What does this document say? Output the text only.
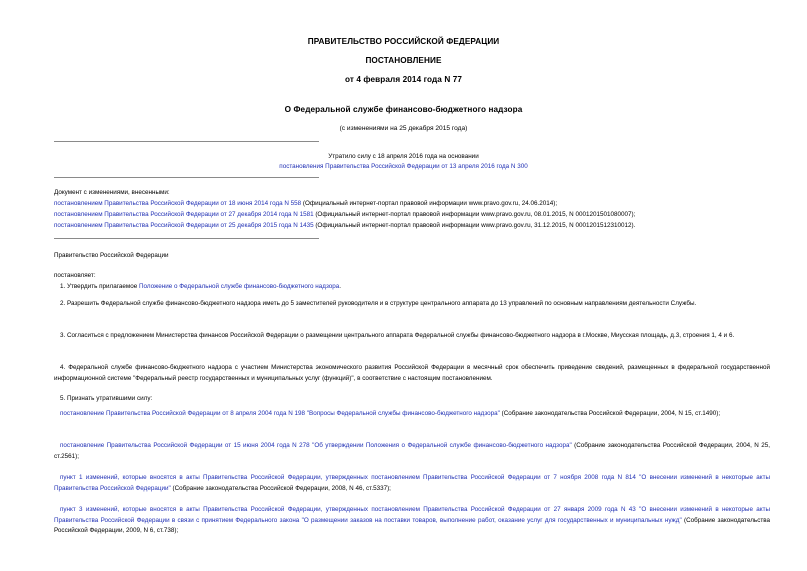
ПРАВИТЕЛЬСТВО РОССИЙСКОЙ ФЕДЕРАЦИИ
ПОСТАНОВЛЕНИЕ
от 4 февраля 2014 года N 77
О Федеральной службе финансово-бюджетного надзора
(с изменениями на 25 декабря 2015 года)
Утратило силу с 18 апреля 2016 года на основании
постановления Правительства Российской Федерации от 13 апреля 2016 года N 300
Документ с изменениями, внесенными:
постановлением Правительства Российской Федерации от 18 июня 2014 года N 558 (Официальный интернет-портал правовой информации www.pravo.gov.ru, 24.06.2014);
постановлением Правительства Российской Федерации от 27 декабря 2014 года N 1581 (Официальный интернет-портал правовой информации www.pravo.gov.ru, 08.01.2015, N 0001201501080007);
постановлением Правительства Российской Федерации от 25 декабря 2015 года N 1435 (Официальный интернет-портал правовой информации www.pravo.gov.ru, 31.12.2015, N 0001201512310012).
Правительство Российской Федерации
постановляет:
1. Утвердить прилагаемое Положение о Федеральной службе финансово-бюджетного надзора.
2. Разрешить Федеральной службе финансово-бюджетного надзора иметь до 5 заместителей руководителя и в структуре центрального аппарата до 13 управлений по основным направлениям деятельности Службы.
3. Согласиться с предложением Министерства финансов Российской Федерации о размещении центрального аппарата Федеральной службы финансово-бюджетного надзора в г.Москве, Миусская площадь, д.3, строения 1, 4 и 6.
4. Федеральной службе финансово-бюджетного надзора с участием Министерства экономического развития Российской Федерации в месячный срок обеспечить приведение сведений, размещенных в федеральной государственной информационной системе "Федеральный реестр государственных и муниципальных услуг (функций)", в соответствие с настоящим постановлением.
5. Признать утратившими силу:
постановление Правительства Российской Федерации от 8 апреля 2004 года N 198 "Вопросы Федеральной службы финансово-бюджетного надзора" (Собрание законодательства Российской Федерации, 2004, N 15, ст.1490);
постановление Правительства Российской Федерации от 15 июня 2004 года N 278 "Об утверждении Положения о Федеральной службе финансово-бюджетного надзора" (Собрание законодательства Российской Федерации, 2004, N 25, ст.2561);
пункт 1 изменений, которые вносятся в акты Правительства Российской Федерации, утвержденных постановлением Правительства Российской Федерации от 7 ноября 2008 года N 814 "О внесении изменений в некоторые акты Правительства Российской Федерации" (Собрание законодательства Российской Федерации, 2008, N 46, ст.5337);
пункт 3 изменений, которые вносятся в акты Правительства Российской Федерации, утвержденных постановлением Правительства Российской Федерации от 27 января 2009 года N 43 "О внесении изменений в некоторые акты Правительства Российской Федерации в связи с принятием Федерального закона "О размещении заказов на поставки товаров, выполнение работ, оказание услуг для государственных и муниципальных нужд" (Собрание законодательства Российской Федерации, 2009, N 6, ст.738);
